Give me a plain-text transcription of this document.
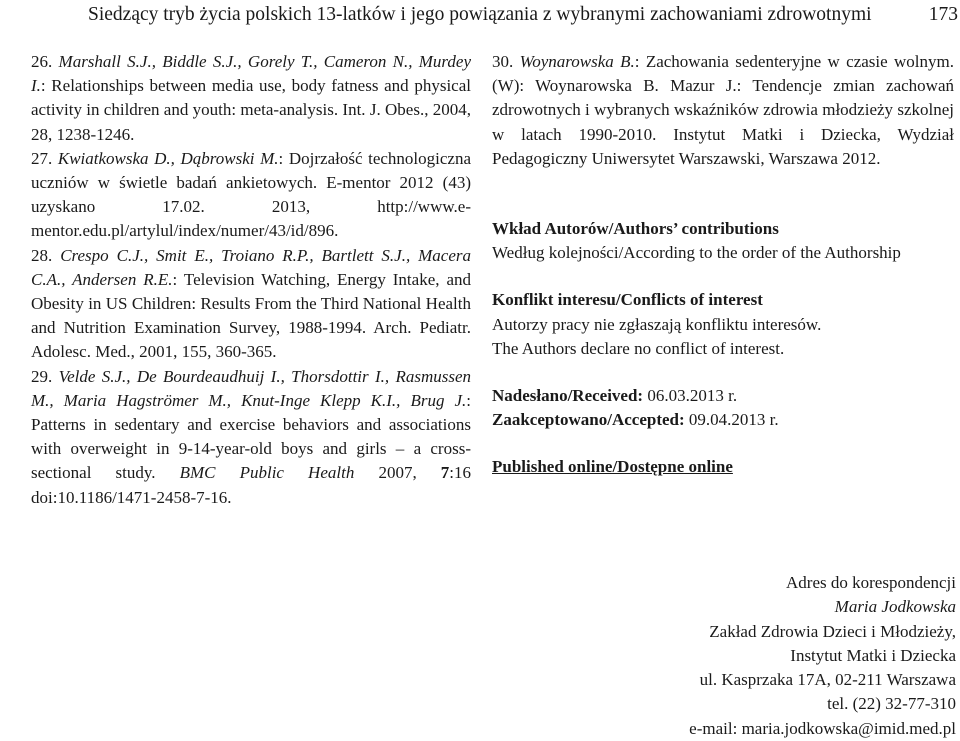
Siedzący tryb życia polskich 13-latków i jego powiązania z wybranymi zachowaniami zdrowotnymi	173

26. Marshall S.J., Biddle S.J., Gorely T., Cameron N., Murdey I.: Relationships between media use, body fatness and physical activity in children and youth: meta-analysis. Int. J. Obes., 2004, 28, 1238-1246.

27. Kwiatkowska D., Dąbrowski M.: Dojrzałość technologiczna uczniów w świetle badań ankietowych. E-mentor 2012 (43) uzyskano 17.02. 2013, http://www.e-mentor.edu.pl/artylul/index/numer/43/id/896.

28. Crespo C.J., Smit E., Troiano R.P., Bartlett S.J., Macera C.A., Andersen R.E.: Television Watching, Energy Intake, and Obesity in US Children: Results From the Third National Health and Nutrition Examination Survey, 1988-1994. Arch. Pediatr. Adolesc. Med., 2001, 155, 360-365.

29. Velde S.J., De Bourdeaudhuij I., Thorsdottir I., Rasmussen M., Maria Hagströmer M., Knut-Inge Klepp K.I., Brug J.: Patterns in sedentary and exercise behaviors and associations with overweight in 9-14-year-old boys and girls – a cross-sectional study. BMC Public Health 2007, 7:16 doi:10.1186/1471-2458-7-16.

30. Woynarowska B.: Zachowania sedenteryjne w czasie wolnym. (W): Woynarowska B. Mazur J.: Tendencje zmian zachowań zdrowotnych i wybranych wskaźników zdrowia młodzieży szkolnej w latach 1990-2010. Instytut Matki i Dziecka, Wydział Pedagogiczny Uniwersytet Warszawski, Warszawa 2012.

Wkład Autorów/Authors’ contributions
Według kolejności/According to the order of the Authorship
Konflikt interesu/Conflicts of interest
Autorzy pracy nie zgłaszają konfliktu interesów.
The Authors declare no conflict of interest.
Nadesłano/Received: 06.03.2013 r.
Zaakceptowano/Accepted: 09.04.2013 r.
Published online/Dostępne online
Adres do korespondencji
Maria Jodkowska
Zakład Zdrowia Dzieci i Młodzieży,
Instytut Matki i Dziecka
ul. Kasprzaka 17A, 02-211 Warszawa
tel. (22) 32-77-310
e-mail: maria.jodkowska@imid.med.pl
